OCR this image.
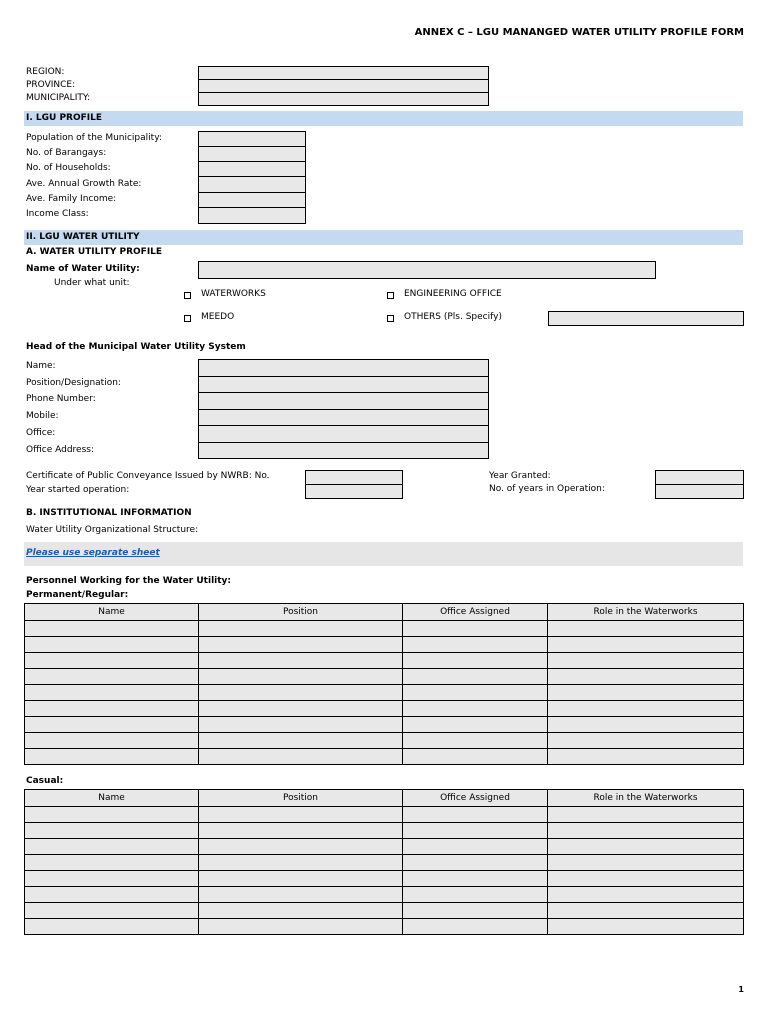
ANNEX C – LGU MANANGED WATER UTILITY PROFILE FORM
REGION:
PROVINCE:
MUNICIPALITY:
I. LGU PROFILE
Population of the Municipality:
No. of Barangays:
No. of Households:
Ave. Annual Growth Rate:
Ave. Family Income:
Income Class:
II. LGU WATER UTILITY
A. WATER UTILITY PROFILE
Name of Water Utility:
Under what unit:
WATERWORKS	ENGINEERING OFFICE
MEEDO	OTHERS (Pls. Specify)
Head of the Municipal Water Utility System
Name:
Position/Designation:
Phone Number:
Mobile:
Office:
Office Address:
Certificate of Public Conveyance Issued by NWRB: No.
Year started operation:
Year Granted:
No. of years in Operation:
B. INSTITUTIONAL INFORMATION
Water Utility Organizational Structure:
Please use separate sheet
Personnel Working for the Water Utility:
Permanent/Regular:
Name	Position	Office Assigned	Role in the Waterworks

Casual:
Name	Position	Office Assigned	Role in the Waterworks

1
